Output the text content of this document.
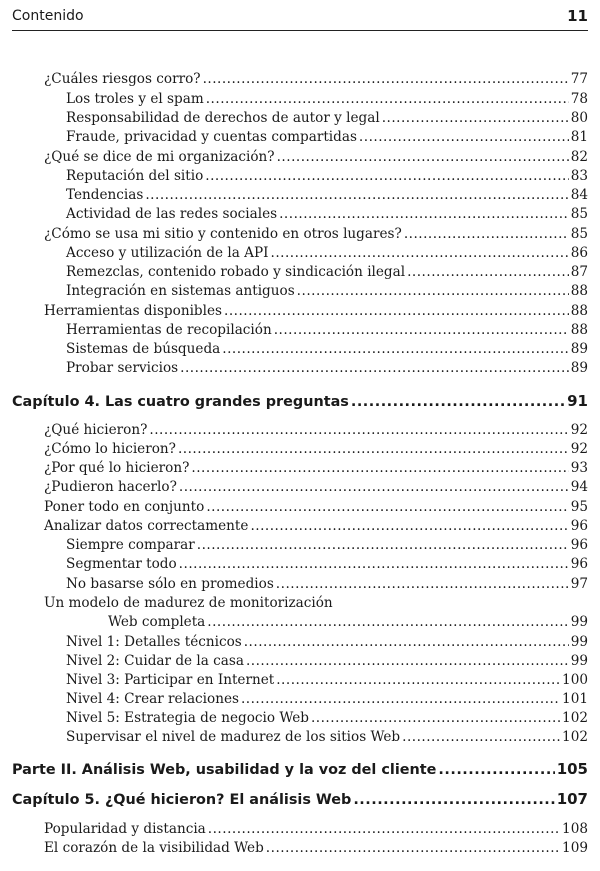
Contenido	11
¿Cuáles riesgos corro? .....	77
Los troles y el spam .....	78
Responsabilidad de derechos de autor y legal .....	80
Fraude, privacidad y cuentas compartidas .....	81
¿Qué se dice de mi organización? .....	82
Reputación del sitio .....	83
Tendencias .....	84
Actividad de las redes sociales .....	85
¿Cómo se usa mi sitio y contenido en otros lugares? .....	85
Acceso y utilización de la API .....	86
Remezclas, contenido robado y sindicación ilegal .....	87
Integración en sistemas antiguos .....	88
Herramientas disponibles .....	88
Herramientas de recopilación .....	88
Sistemas de búsqueda .....	89
Probar servicios .....	89
Capítulo 4. Las cuatro grandes preguntas .....	91
¿Qué hicieron? .....	92
¿Cómo lo hicieron? .....	92
¿Por qué lo hicieron? .....	93
¿Pudieron hacerlo? .....	94
Poner todo en conjunto .....	95
Analizar datos correctamente .....	96
Siempre comparar .....	96
Segmentar todo .....	96
No basarse sólo en promedios .....	97
Un modelo de madurez de monitorización
Web completa .....	99
Nivel 1: Detalles técnicos .....	99
Nivel 2: Cuidar de la casa .....	99
Nivel 3: Participar en Internet .....	100
Nivel 4: Crear relaciones .....	101
Nivel 5: Estrategia de negocio Web .....	102
Supervisar el nivel de madurez de los sitios Web .....	102
Parte II. Análisis Web, usabilidad y la voz del cliente .....	105
Capítulo 5. ¿Qué hicieron? El análisis Web .....	107
Popularidad y distancia .....	108
El corazón de la visibilidad Web .....	109
